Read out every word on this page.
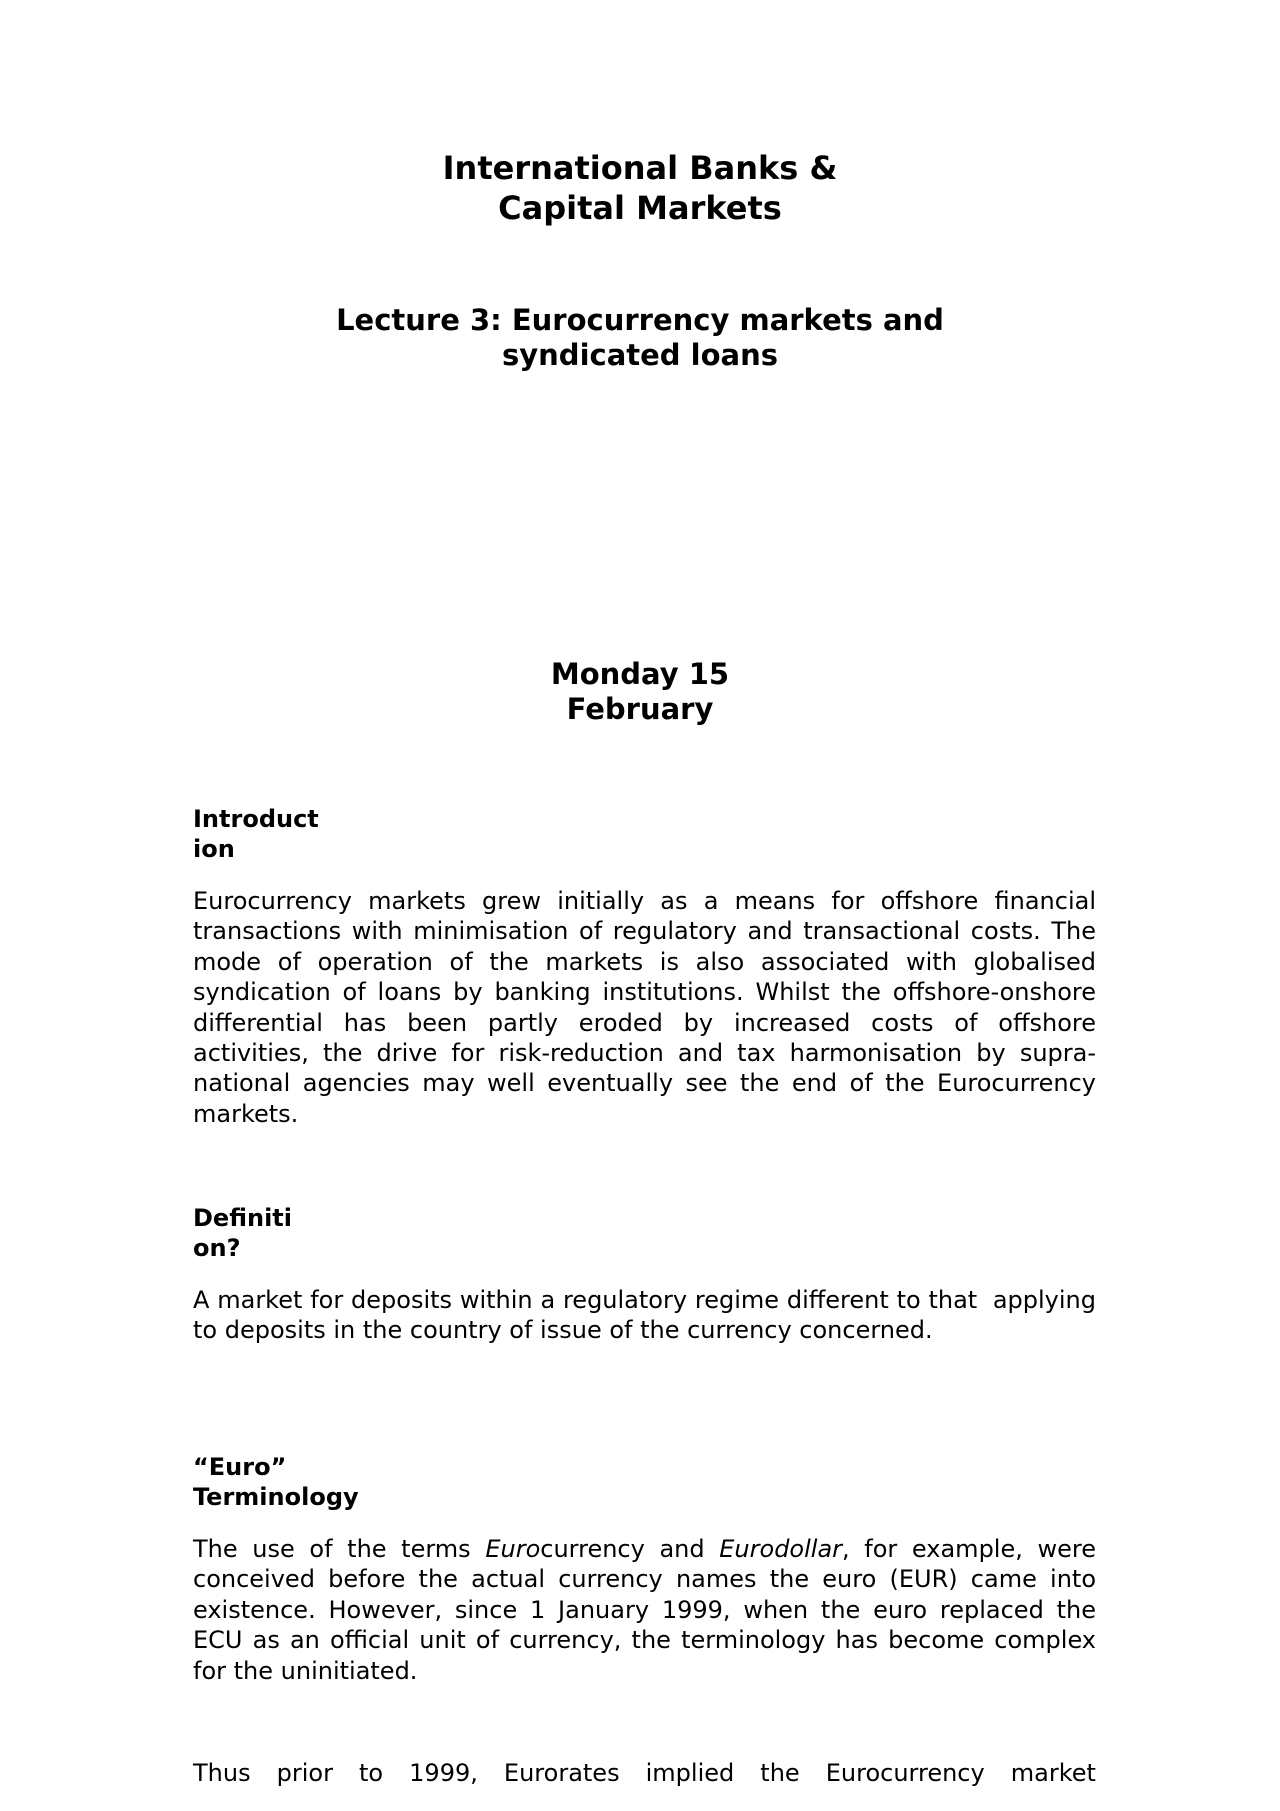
International Banks &
Capital Markets
Lecture 3: Eurocurrency markets and
syndicated loans
Monday 15
February
Introduct
ion

Eurocurrency markets grew initially as a means for offshore financial transactions with minimisation of regulatory and transactional costs. The mode of operation of the markets is also associated with globalised syndication of loans by banking institutions. Whilst the offshore-onshore differential has been partly eroded by increased costs of offshore activities, the drive for risk-reduction and tax harmonisation by supra-national agencies may well eventually see the end of the Eurocurrency markets.

Definiti
on?

A market for deposits within a regulatory regime different to that  applying  to deposits in the country of issue of the currency concerned.

“Euro”
Terminology

The use of the terms Eurocurrency and Eurodollar, for example, were conceived before the actual currency names the euro (EUR) came into existence. However, since 1 January 1999, when the euro replaced the ECU as an official unit of currency, the terminology has become complex for the uninitiated.

Thus prior to 1999, Eurorates implied the Eurocurrency market
